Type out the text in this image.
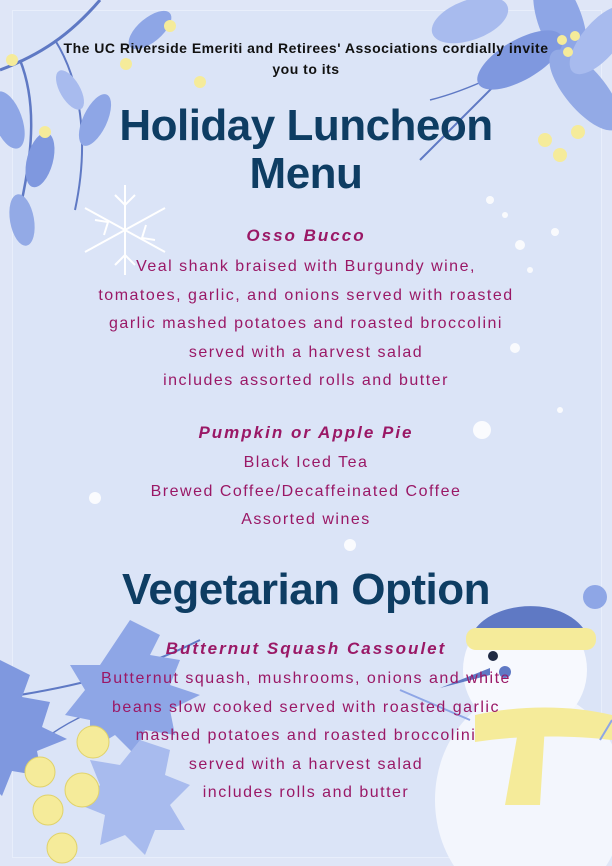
The UC Riverside Emeriti and Retirees' Associations cordially invite
you to its
Holiday Luncheon
Menu
Osso Bucco
Veal shank braised with Burgundy wine,
tomatoes, garlic, and onions served with roasted
garlic mashed potatoes and roasted broccolini
served with a harvest salad
includes assorted rolls and butter
Pumpkin or Apple Pie
Black Iced Tea
Brewed Coffee/Decaffeinated Coffee
Assorted wines
Vegetarian Option
Butternut Squash Cassoulet
Butternut squash, mushrooms, onions and white
beans slow cooked served with roasted garlic
mashed potatoes and roasted broccolini
served with a harvest salad
includes rolls and butter
